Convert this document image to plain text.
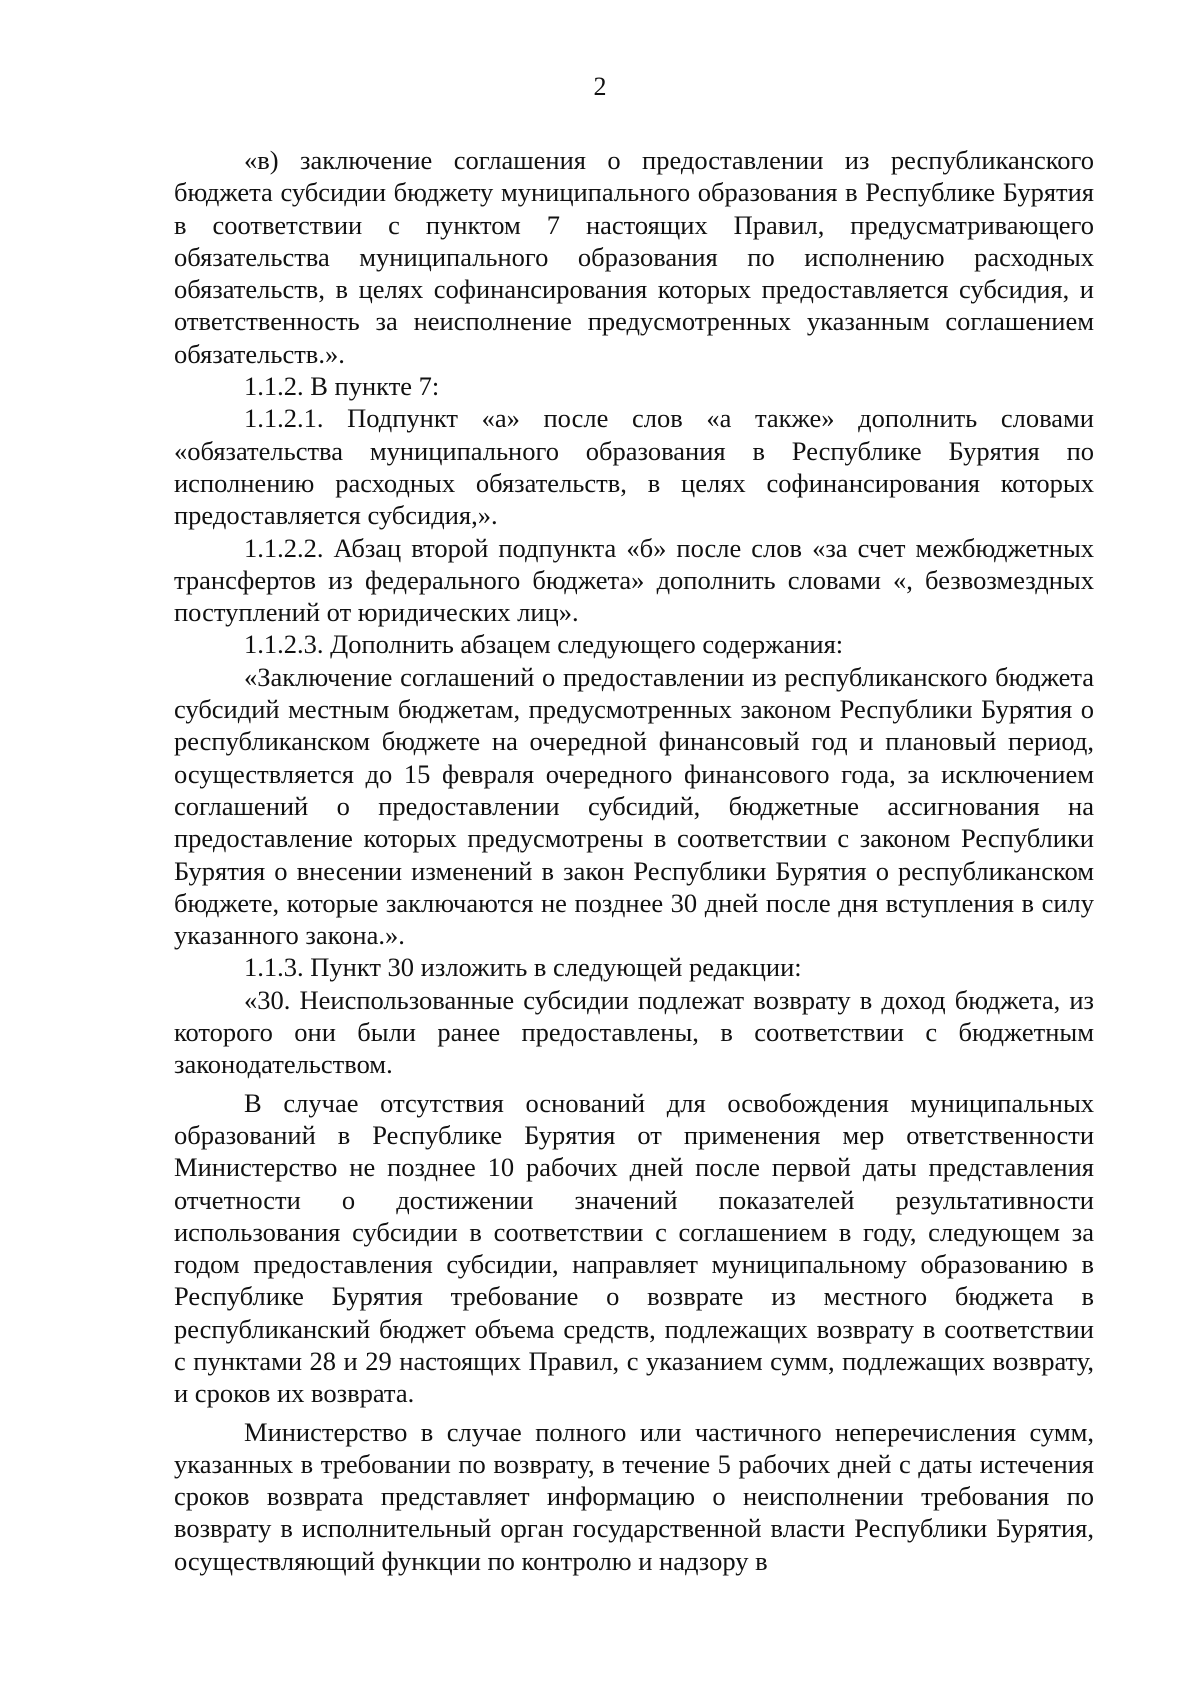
2

«в) заключение соглашения о предоставлении из республиканского бюджета субсидии бюджету муниципального образования в Республике Бурятия в соответствии с пунктом 7 настоящих Правил, предусматривающего обязательства муниципального образования по исполнению расходных обязательств, в целях софинансирования которых предоставляется субсидия, и ответственность за неисполнение предусмотренных указанным соглашением обязательств.».

1.1.2. В пункте 7:

1.1.2.1. Подпункт «а» после слов «а также» дополнить словами «обязательства муниципального образования в Республике Бурятия по исполнению расходных обязательств, в целях софинансирования которых предоставляется субсидия,».

1.1.2.2. Абзац второй подпункта «б» после слов «за счет межбюджетных трансфертов из федерального бюджета» дополнить словами «, безвозмездных поступлений от юридических лиц».

1.1.2.3. Дополнить абзацем следующего содержания:

«Заключение соглашений о предоставлении из республиканского бюджета субсидий местным бюджетам, предусмотренных законом Республики Бурятия о республиканском бюджете на очередной финансовый год и плановый период, осуществляется до 15 февраля очередного финансового года, за исключением соглашений о предоставлении субсидий, бюджетные ассигнования на предоставление которых предусмотрены в соответствии с законом Республики Бурятия о внесении изменений в закон Республики Бурятия о республиканском бюджете, которые заключаются не позднее 30 дней после дня вступления в силу указанного закона.».

1.1.3. Пункт 30 изложить в следующей редакции:

«30. Неиспользованные субсидии подлежат возврату в доход бюджета, из которого они были ранее предоставлены, в соответствии с бюджетным законодательством.

В случае отсутствия оснований для освобождения муниципальных образований в Республике Бурятия от применения мер ответственности Министерство не позднее 10 рабочих дней после первой даты представления отчетности о достижении значений показателей результативности использования субсидии в соответствии с соглашением в году, следующем за годом предоставления субсидии, направляет муниципальному образованию в Республике Бурятия требование о возврате из местного бюджета в республиканский бюджет объема средств, подлежащих возврату в соответствии с пунктами 28 и 29 настоящих Правил, с указанием сумм, подлежащих возврату, и сроков их возврата.

Министерство в случае полного или частичного неперечисления сумм, указанных в требовании по возврату, в течение 5 рабочих дней с даты истечения сроков возврата представляет информацию о неисполнении требования по возврату в исполнительный орган государственной власти Республики Бурятия, осуществляющий функции по контролю и надзору в
